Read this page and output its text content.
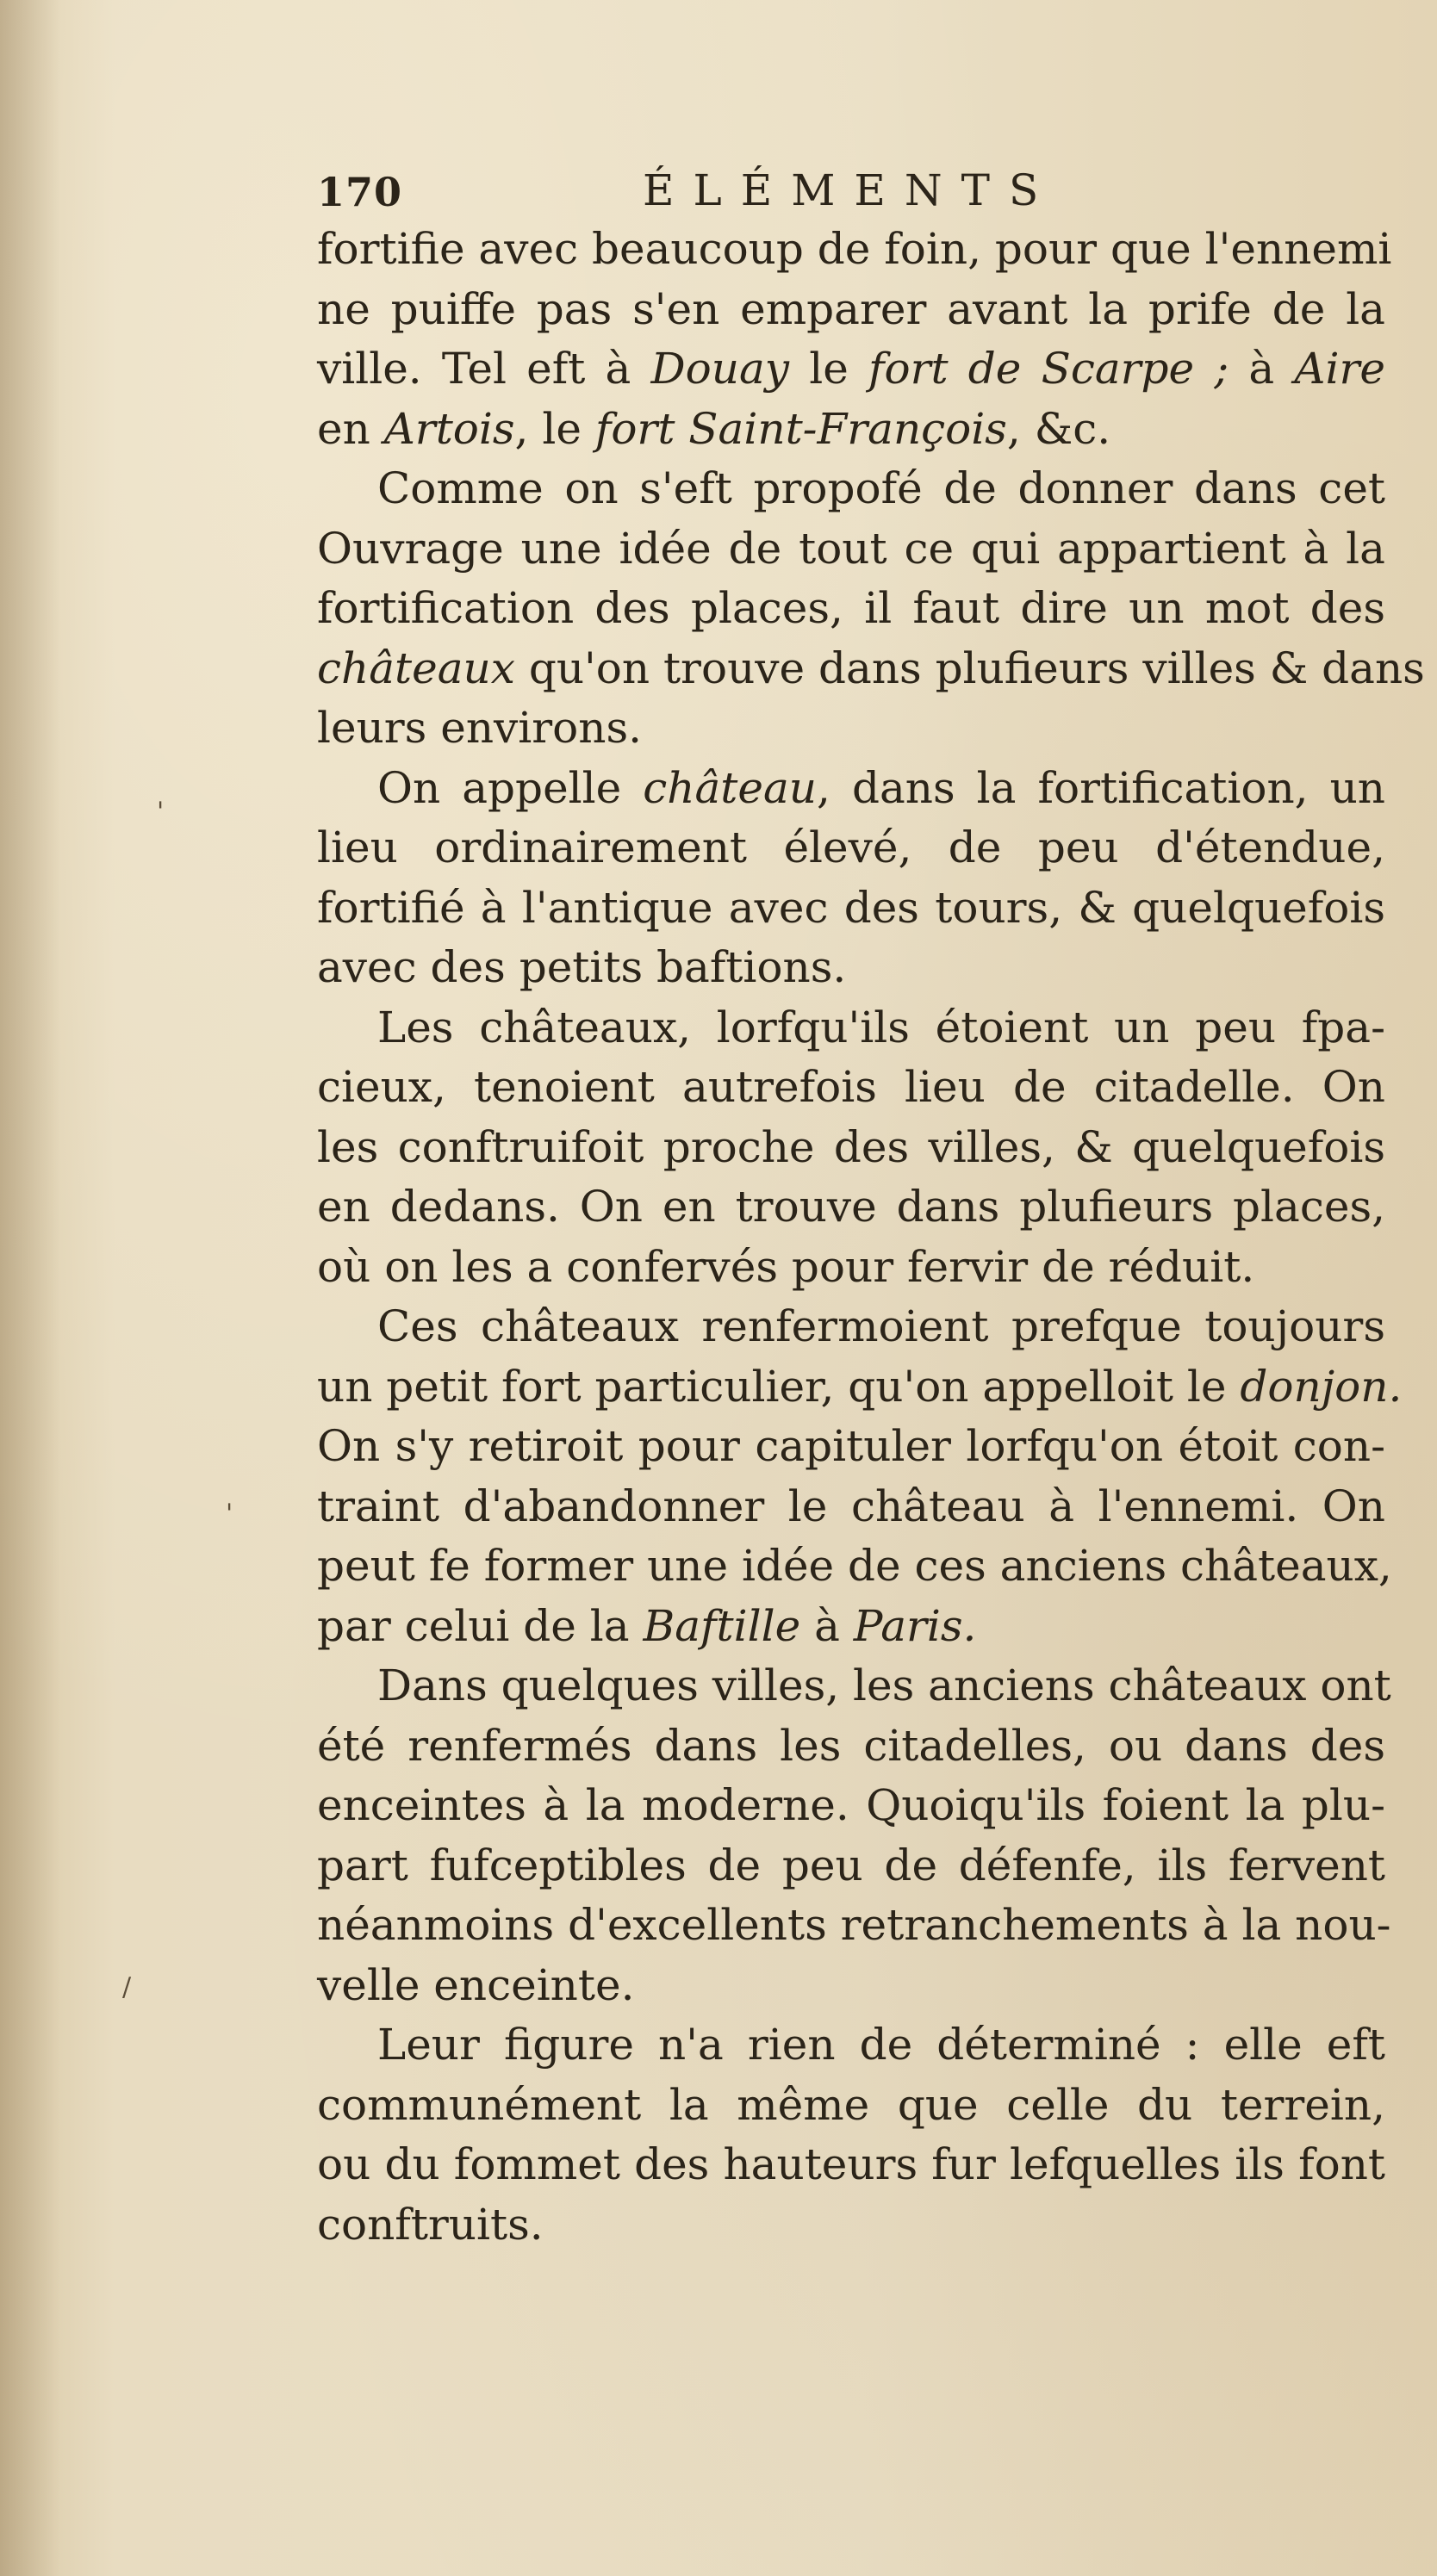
170	ÉLÉMENTS
fortifie avec beaucoup de foin, pour que l'ennemi
ne puiffe pas s'en emparer avant la prife de la
ville. Tel eft à Douay le fort de Scarpe ; à Aire
en Artois, le fort Saint-François, &c.
Comme on s'eft propofé de donner dans cet
Ouvrage une idée de tout ce qui appartient à la
fortification des places, il faut dire un mot des
châteaux qu'on trouve dans plufieurs villes & dans
leurs environs.
On appelle château, dans la fortification, un
lieu ordinairement élevé, de peu d'étendue,
fortifié à l'antique avec des tours, & quelquefois
avec des petits baftions.
Les châteaux, lorfqu'ils étoient un peu fpa-
cieux, tenoient autrefois lieu de citadelle. On
les conftruifoit proche des villes, & quelquefois
en dedans. On en trouve dans plufieurs places,
où on les a confervés pour fervir de réduit.
Ces châteaux renfermoient prefque toujours
un petit fort particulier, qu'on appelloit le donjon.
On s'y retiroit pour capituler lorfqu'on étoit con-
traint d'abandonner le château à l'ennemi. On
peut fe former une idée de ces anciens châteaux,
par celui de la Baftille à Paris.
Dans quelques villes, les anciens châteaux ont
été renfermés dans les citadelles, ou dans des
enceintes à la moderne. Quoiqu'ils foient la plu-
part fufceptibles de peu de défenfe, ils fervent
néanmoins d'excellents retranchements à la nou-
velle enceinte.
Leur figure n'a rien de déterminé : elle eft
communément la même que celle du terrein,
ou du fommet des hauteurs fur lefquelles ils font
conftruits.
'
'
/
